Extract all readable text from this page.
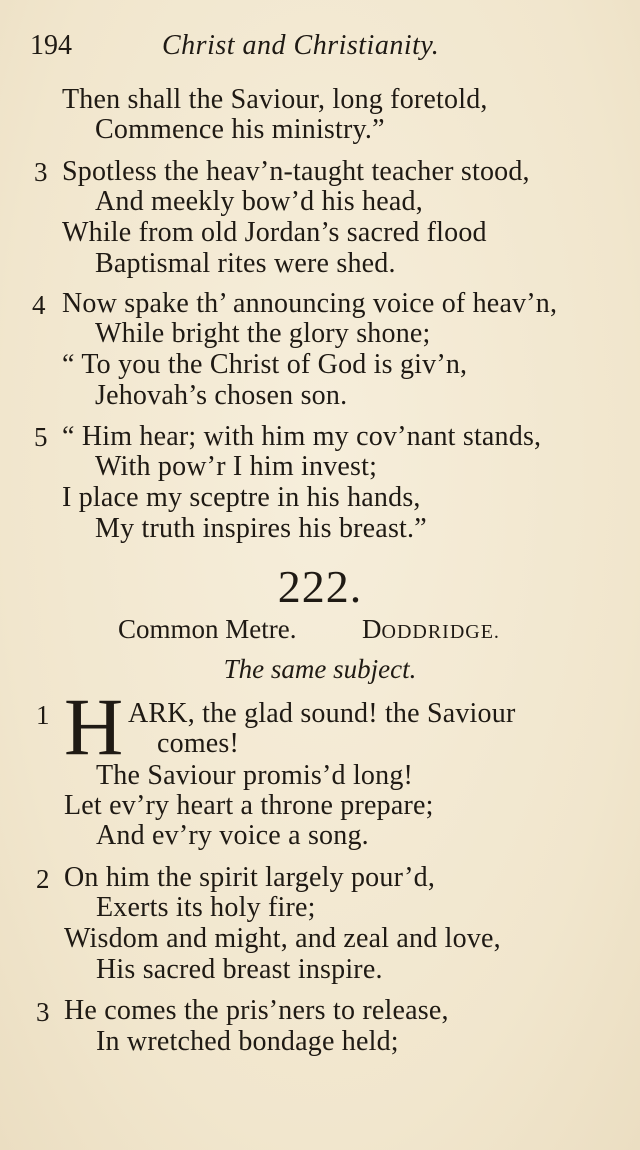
194	Christ and Christianity.
Then shall the Saviour, long foretold,
Commence his ministry.”
3 Spotless the heav’n-taught teacher stood,
And meekly bow’d his head,
While from old Jordan’s sacred flood
Baptismal rites were shed.
4 Now spake th’ announcing voice of heav’n,
While bright the glory shone;
“ To you the Christ of God is giv’n,
Jehovah’s chosen son.
5 “ Him hear; with him my cov’nant stands,
With pow’r I him invest;
I place my sceptre in his hands,
My truth inspires his breast.”
222.
Common Metre. DODDRIDGE.
The same subject.
1 H ARK, the glad sound! the Saviour
comes!
The Saviour promis’d long!
Let ev’ry heart a throne prepare;
And ev’ry voice a song.
2 On him the spirit largely pour’d,
Exerts its holy fire;
Wisdom and might, and zeal and love,
His sacred breast inspire.
3 He comes the pris’ners to release,
In wretched bondage held;
